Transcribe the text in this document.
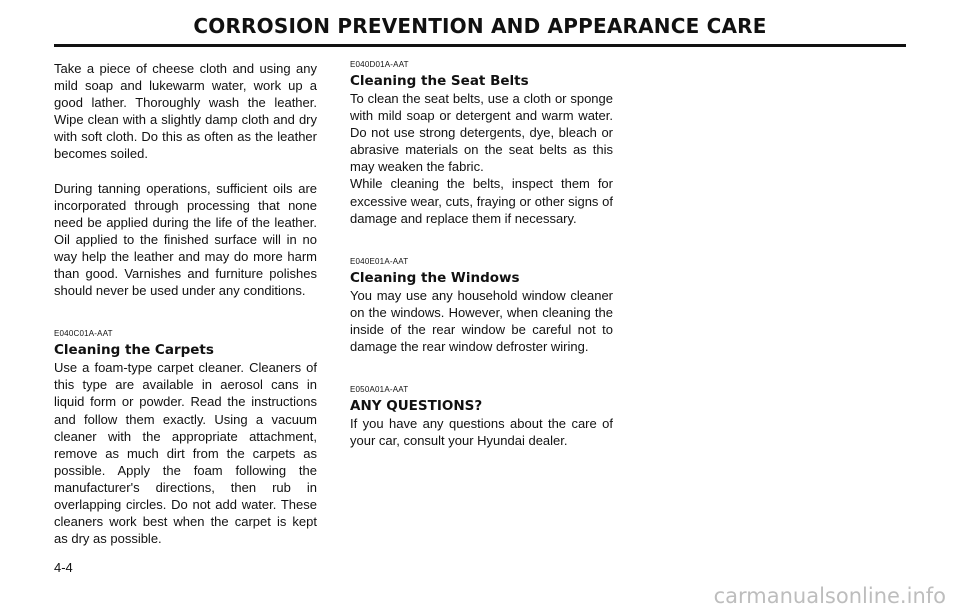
CORROSION PREVENTION AND APPEARANCE CARE

Take a piece of cheese cloth and using any mild soap and lukewarm water, work up a good lather. Thoroughly wash the leather. Wipe clean with a slightly damp cloth and dry with soft cloth. Do this as often as the leather becomes soiled.

During tanning operations, sufficient oils are incorporated through processing that none need be applied during the life of the leather. Oil applied to the finished surface will in no way help the leather and may do more harm than good. Varnishes and furniture polishes should never be used under any conditions.

E040C01A-AAT

Cleaning the Carpets

Use a foam-type carpet cleaner. Cleaners of this type are available in aerosol cans in liquid form or powder. Read the instructions and follow them exactly. Using a vacuum cleaner with the appropriate attachment, remove as much dirt from the carpets as possible. Apply the foam following the manufacturer's directions, then rub in overlapping circles. Do not add water. These cleaners work best when the carpet is kept as dry as possible.

E040D01A-AAT

Cleaning the Seat Belts

To clean the seat belts, use a cloth or sponge with mild soap or detergent and warm water. Do not use strong detergents, dye, bleach or abrasive materials on the seat belts as this may weaken the fabric.

While cleaning the belts, inspect them for excessive wear, cuts, fraying or other signs of damage and replace them if necessary.

E040E01A-AAT

Cleaning the Windows

You may use any household window cleaner on the windows. However, when cleaning the inside of the rear window be careful not to damage the rear window defroster wiring.

E050A01A-AAT

ANY QUESTIONS?

If you have any questions about the care of your car, consult your Hyundai dealer.

4-4
carmanualsonline.info
